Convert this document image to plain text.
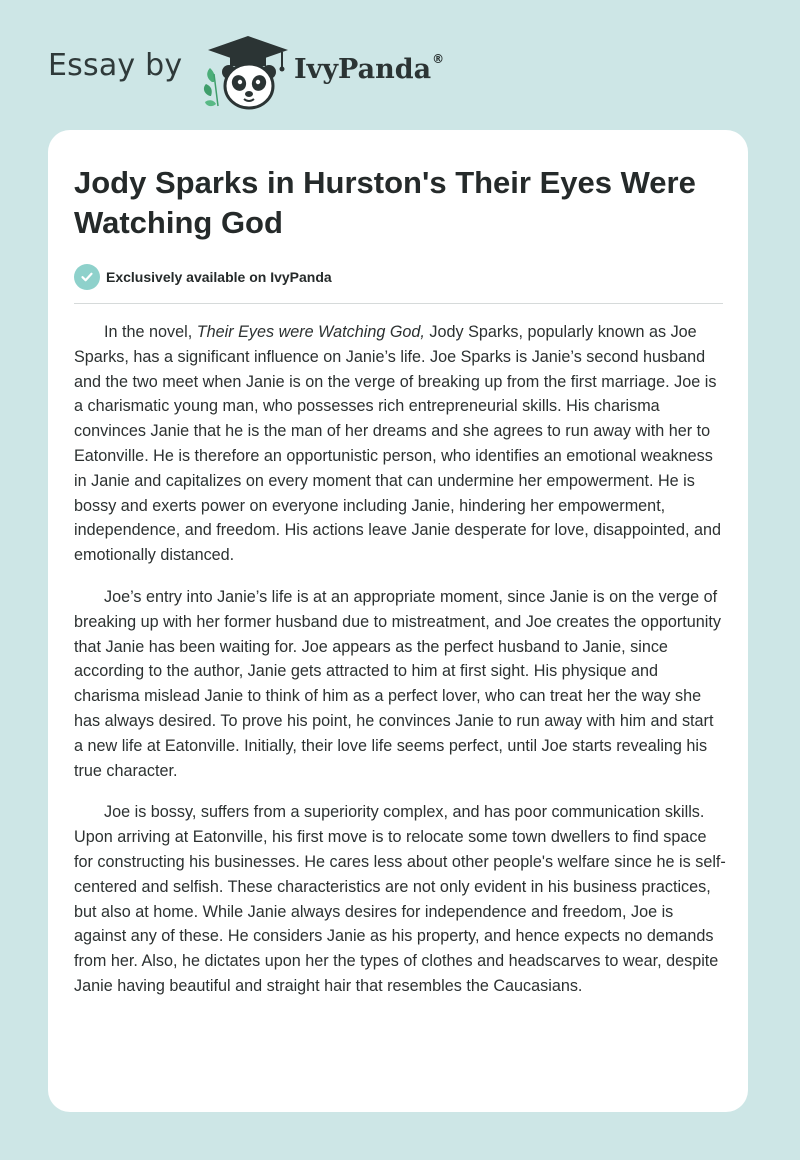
Essay by	IvyPanda®
Jody Sparks in Hurston's Their Eyes Were Watching God
Exclusively available on IvyPanda

In the novel, Their Eyes were Watching God, Jody Sparks, popularly known as Joe Sparks, has a significant influence on Janie’s life. Joe Sparks is Janie’s second husband and the two meet when Janie is on the verge of breaking up from the first marriage. Joe is a charismatic young man, who possesses rich entrepreneurial skills. His charisma convinces Janie that he is the man of her dreams and she agrees to run away with her to Eatonville. He is therefore an opportunistic person, who identifies an emotional weakness in Janie and capitalizes on every moment that can undermine her empowerment. He is bossy and exerts power on everyone including Janie, hindering her empowerment, independence, and freedom. His actions leave Janie desperate for love, disappointed, and emotionally distanced.

Joe’s entry into Janie’s life is at an appropriate moment, since Janie is on the verge of breaking up with her former husband due to mistreatment, and Joe creates the opportunity that Janie has been waiting for. Joe appears as the perfect husband to Janie, since according to the author, Janie gets attracted to him at first sight. His physique and charisma mislead Janie to think of him as a perfect lover, who can treat her the way she has always desired. To prove his point, he convinces Janie to run away with him and start a new life at Eatonville. Initially, their love life seems perfect, until Joe starts revealing his true character.

Joe is bossy, suffers from a superiority complex, and has poor communication skills. Upon arriving at Eatonville, his first move is to relocate some town dwellers to find space for constructing his businesses. He cares less about other people's welfare since he is self-centered and selfish. These characteristics are not only evident in his business practices, but also at home. While Janie always desires for independence and freedom, Joe is against any of these. He considers Janie as his property, and hence expects no demands from her. Also, he dictates upon her the types of clothes and headscarves to wear, despite Janie having beautiful and straight hair that resembles the Caucasians.
